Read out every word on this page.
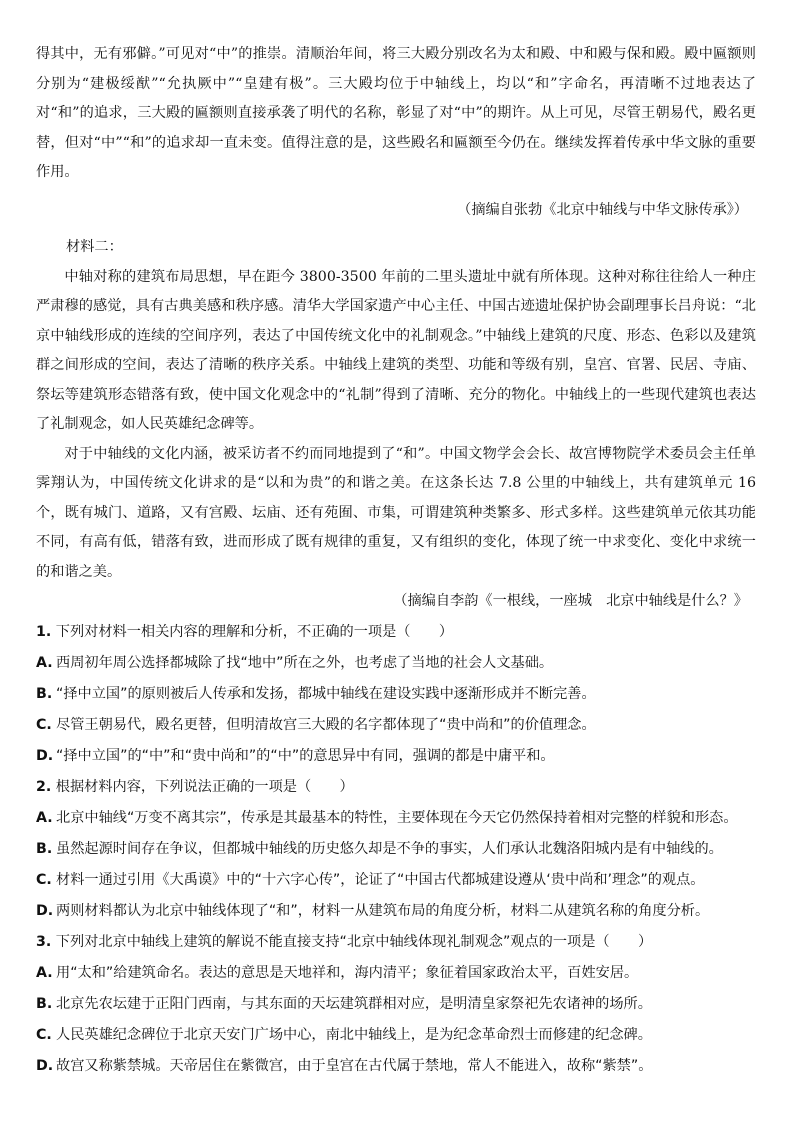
得其中，无有邪僻。”可见对“中”的推崇。清顺治年间，将三大殿分别改名为太和殿、中和殿与保和殿。殿中匾额则分别为“建极绥猷”“允执厥中”“皇建有极”。三大殿均位于中轴线上，均以“和”字命名，再清晰不过地表达了对“和”的追求，三大殿的匾额则直接承袭了明代的名称，彰显了对“中”的期许。从上可见，尽管王朝易代，殿名更替，但对“中”“和”的追求却一直未变。值得注意的是，这些殿名和匾额至今仍在。继续发挥着传承中华文脉的重要作用。

（摘编自张勃《北京中轴线与中华文脉传承》）

材料二：

中轴对称的建筑布局思想，早在距今 3800-3500 年前的二里头遗址中就有所体现。这种对称往往给人一种庄严肃穆的感觉，具有古典美感和秩序感。清华大学国家遗产中心主任、中国古迹遗址保护协会副理事长吕舟说：“北京中轴线形成的连续的空间序列，表达了中国传统文化中的礼制观念。”中轴线上建筑的尺度、形态、色彩以及建筑群之间形成的空间，表达了清晰的秩序关系。中轴线上建筑的类型、功能和等级有别，皇宫、官署、民居、寺庙、祭坛等建筑形态错落有致，使中国文化观念中的“礼制”得到了清晰、充分的物化。中轴线上的一些现代建筑也表达了礼制观念，如人民英雄纪念碑等。

对于中轴线的文化内涵，被采访者不约而同地提到了“和”。中国文物学会会长、故宫博物院学术委员会主任单霁翔认为，中国传统文化讲求的是“以和为贵”的和谐之美。在这条长达 7.8 公里的中轴线上，共有建筑单元 16 个，既有城门、道路，又有宫殿、坛庙、还有苑囿、市集，可谓建筑种类繁多、形式多样。这些建筑单元依其功能不同，有高有低，错落有致，进而形成了既有规律的重复，又有组织的变化，体现了统一中求变化、变化中求统一的和谐之美。

（摘编自李韵《一根线，一座城　北京中轴线是什么？》

1. 下列对材料一相关内容的理解和分析，不正确的一项是（　　）

A. 西周初年周公选择都城除了找“地中”所在之外，也考虑了当地的社会人文基础。

B. “择中立国”的原则被后人传承和发扬，都城中轴线在建设实践中逐渐形成并不断完善。

C. 尽管王朝易代，殿名更替，但明清故宫三大殿的名字都体现了“贵中尚和”的价值理念。

D. “择中立国”的“中”和“贵中尚和”的“中”的意思异中有同，强调的都是中庸平和。

2. 根据材料内容，下列说法正确的一项是（　　）

A. 北京中轴线“万变不离其宗”，传承是其最基本的特性，主要体现在今天它仍然保持着相对完整的样貌和形态。

B. 虽然起源时间存在争议，但都城中轴线的历史悠久却是不争的事实，人们承认北魏洛阳城内是有中轴线的。

C. 材料一通过引用《大禹谟》中的“十六字心传”，论证了“中国古代都城建设遵从‘贵中尚和’理念”的观点。

D. 两则材料都认为北京中轴线体现了“和”，材料一从建筑布局的角度分析，材料二从建筑名称的角度分析。

3. 下列对北京中轴线上建筑的解说不能直接支持“北京中轴线体现礼制观念”观点的一项是（　　）

A. 用“太和”给建筑命名。表达的意思是天地祥和，海内清平；象征着国家政治太平，百姓安居。

B. 北京先农坛建于正阳门西南，与其东面的天坛建筑群相对应，是明清皇家祭祀先农诸神的场所。

C. 人民英雄纪念碑位于北京天安门广场中心，南北中轴线上，是为纪念革命烈士而修建的纪念碑。

D. 故宫又称紫禁城。天帝居住在紫微宫，由于皇宫在古代属于禁地，常人不能进入，故称“紫禁”。
